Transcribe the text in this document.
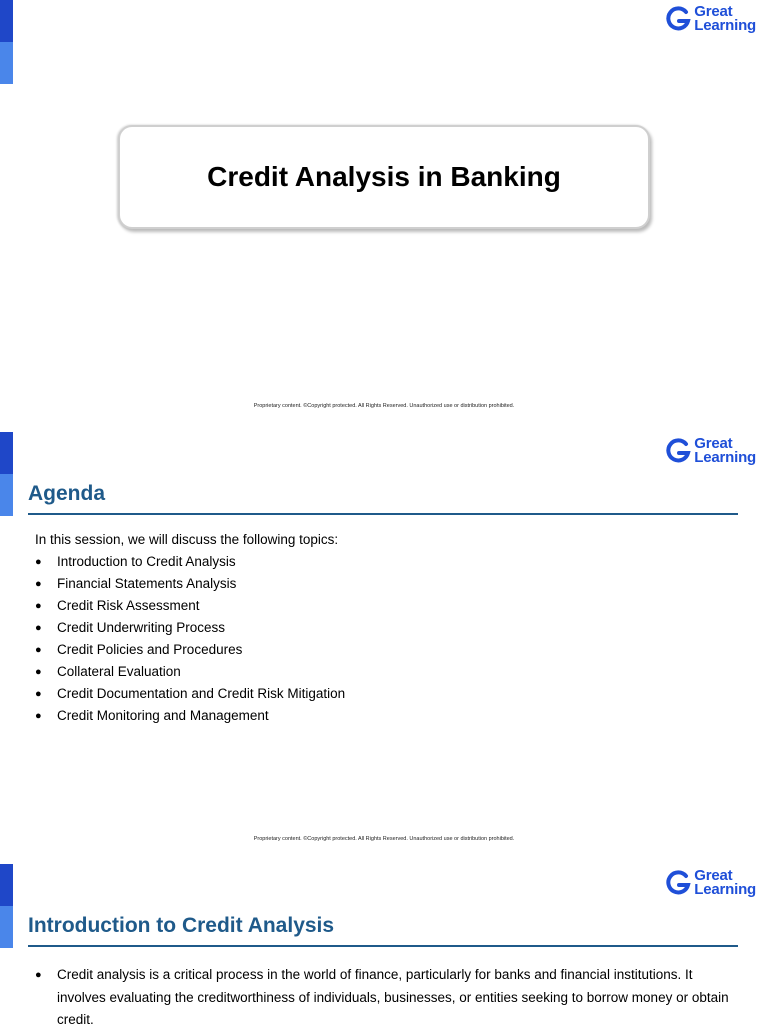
Great
Learning
Credit Analysis in Banking
Proprietary content. ©Copyright protected. All Rights Reserved. Unauthorized use or distribution prohibited.
Great
Learning
Agenda
In this session, we will discuss the following topics:
●	Introduction to Credit Analysis
●	Financial Statements Analysis
●	Credit Risk Assessment
●	Credit Underwriting Process
●	Credit Policies and Procedures
●	Collateral Evaluation
●	Credit Documentation and Credit Risk Mitigation
●	Credit Monitoring and Management
Proprietary content. ©Copyright protected. All Rights Reserved. Unauthorized use or distribution prohibited.
Great
Learning
Introduction to Credit Analysis
●	Credit analysis is a critical process in the world of finance, particularly for banks and financial institutions. It involves evaluating the creditworthiness of individuals, businesses, or entities seeking to borrow money or obtain credit.
